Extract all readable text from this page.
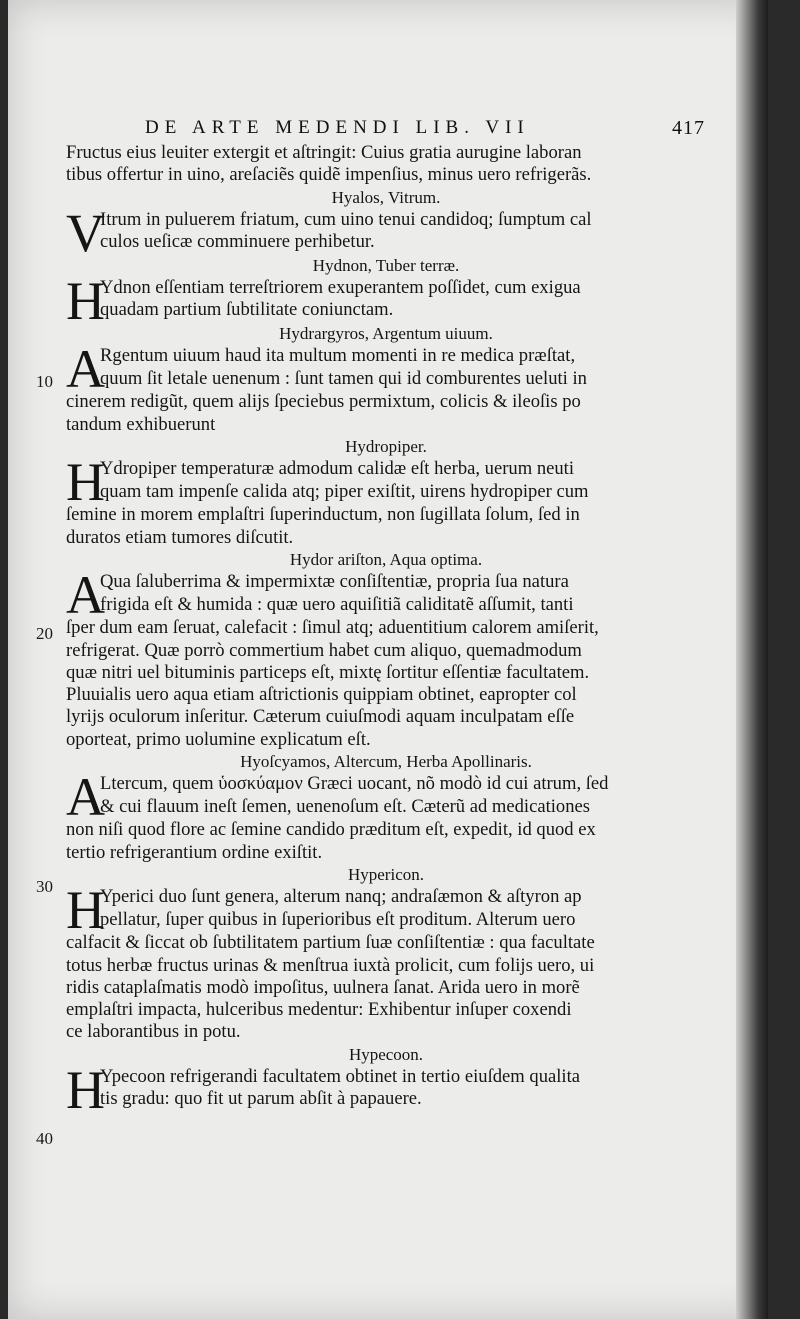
DE ARTE MEDENDI LIB. VII	417
10
20
30
40
Fructus eius leuiter extergit et aſtringit: Cuius gratia aurugine laboran
tibus offertur in uino, areſaciẽs quidẽ impenſius, minus uero refrigerãs.
Hyalos, Vitrum.
V
Itrum in puluerem friatum, cum uino tenui candidoq; ſumptum cal
culos ueſicæ comminuere perhibetur.
Hydnon, Tuber terræ.
H
Ydnon eſſentiam terreſtriorem exuperantem poſſidet, cum exigua
quadam partium ſubtilitate coniunctam.
Hydrargyros, Argentum uiuum.
A
Rgentum uiuum haud ita multum momenti in re medica præſtat,
quum ſit letale uenenum : ſunt tamen qui id comburentes ueluti in
cinerem redigũt, quem alijs ſpeciebus permixtum, colicis & ileoſis po
tandum exhibuerunt
Hydropiper.
H
Ydropiper temperaturæ admodum calidæ eſt herba, uerum neuti
quam tam impenſe calida atq; piper exiſtit, uirens hydropiper cum
ſemine in morem emplaſtri ſuperinductum, non ſugillata ſolum, ſed in
duratos etiam tumores diſcutit.
Hydor ariſton, Aqua optima.
A
Qua ſaluberrima & impermixtæ conſiſtentiæ, propria ſua natura
frigida eſt & humida : quæ uero aquiſitiã caliditatẽ aſſumit, tanti
ſper dum eam ſeruat, calefacit : ſimul atq; aduentitium calorem amiſerit,
refrigerat. Quæ porrò commertium habet cum aliquo, quemadmodum
quæ nitri uel bituminis particeps eſt, mixtę ſortitur eſſentiæ facultatem.
Pluuialis uero aqua etiam aſtrictionis quippiam obtinet, eapropter col
lyrijs oculorum inſeritur. Cæterum cuiuſmodi aquam inculpatam eſſe
oporteat, primo uolumine explicatum eſt.
Hyoſcyamos, Altercum, Herba Apollinaris.
A
Ltercum, quem ὑοσκύαμον Græci uocant, nõ modò id cui atrum, ſed
& cui flauum ineſt ſemen, uenenoſum eſt. Cæterũ ad medicationes
non niſi quod flore ac ſemine candido præditum eſt, expedit, id quod ex
tertio refrigerantium ordine exiſtit.
Hypericon.
H
Yperici duo ſunt genera, alterum nanq; andraſæmon & aſtyron ap
pellatur, ſuper quibus in ſuperioribus eſt proditum. Alterum uero
calfacit & ſiccat ob ſubtilitatem partium ſuæ conſiſtentiæ : qua facultate
totus herbæ fructus urinas & menſtrua iuxtà prolicit, cum folijs uero, ui
ridis cataplaſmatis modò impoſitus, uulnera ſanat. Arida uero in morẽ
emplaſtri impacta, hulceribus medentur: Exhibentur inſuper coxendi
ce laborantibus in potu.
Hypecoon.
H
Ypecoon refrigerandi facultatem obtinet in tertio eiuſdem qualita
tis gradu: quo fit ut parum abſit à papauere.
